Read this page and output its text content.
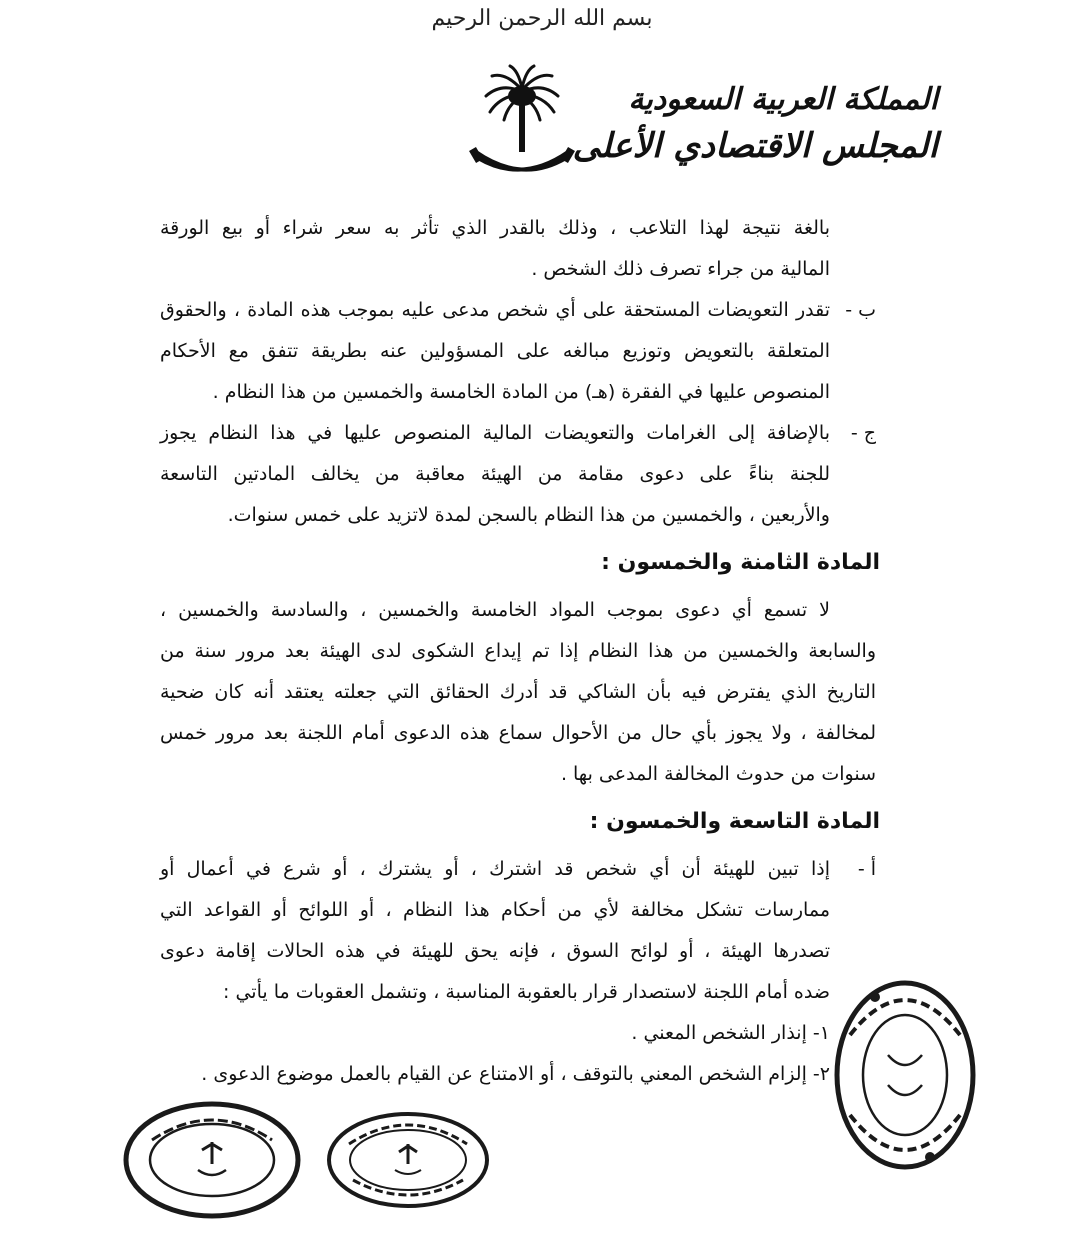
بسم الله الرحمن الرحيم
المملكة العربية السعودية
المجلس الاقتصادي الأعلى
بالغة نتيجة لهذا التلاعب ، وذلك بالقدر الذي تأثر به سعر شراء أو بيع الورقة
المالية من جراء تصرف ذلك الشخص .
ب -
تقدر التعويضات المستحقة على أي شخص مدعى عليه بموجب هذه المادة ، والحقوق
المتعلقة بالتعويض وتوزيع مبالغه على المسؤولين عنه بطريقة تتفق مع الأحكام
المنصوص عليها في الفقرة (هـ) من المادة الخامسة والخمسين من هذا النظام .
ج -
بالإضافة إلى الغرامات والتعويضات المالية المنصوص عليها في هذا النظام يجوز
للجنة بناءً على دعوى مقامة من الهيئة معاقبة من يخالف المادتين التاسعة
والأربعين ، والخمسين من هذا النظام بالسجن لمدة لاتزيد على خمس سنوات.
المادة الثامنة والخمسون :
لا تسمع أي دعوى بموجب المواد الخامسة والخمسين ، والسادسة والخمسين ،
والسابعة والخمسين من هذا النظام إذا تم إيداع الشكوى لدى الهيئة بعد مرور سنة من
التاريخ الذي يفترض فيه بأن الشاكي قد أدرك الحقائق التي جعلته يعتقد أنه كان ضحية
لمخالفة ، ولا يجوز بأي حال من الأحوال سماع هذه الدعوى أمام اللجنة بعد مرور خمس
سنوات من حدوث المخالفة المدعى بها .
المادة التاسعة والخمسون :
أ -
إذا تبين للهيئة أن أي شخص قد اشترك ، أو يشترك ، أو شرع في أعمال أو
ممارسات تشكل مخالفة لأي من أحكام هذا النظام ، أو اللوائح أو القواعد التي
تصدرها الهيئة ، أو لوائح السوق ، فإنه يحق للهيئة في هذه الحالات إقامة دعوى
ضده أمام اللجنة لاستصدار قرار بالعقوبة المناسبة ، وتشمل العقوبات ما يأتي :
١- إنذار الشخص المعني .
٢- إلزام الشخص المعني بالتوقف ، أو الامتناع عن القيام بالعمل موضوع الدعوى .
